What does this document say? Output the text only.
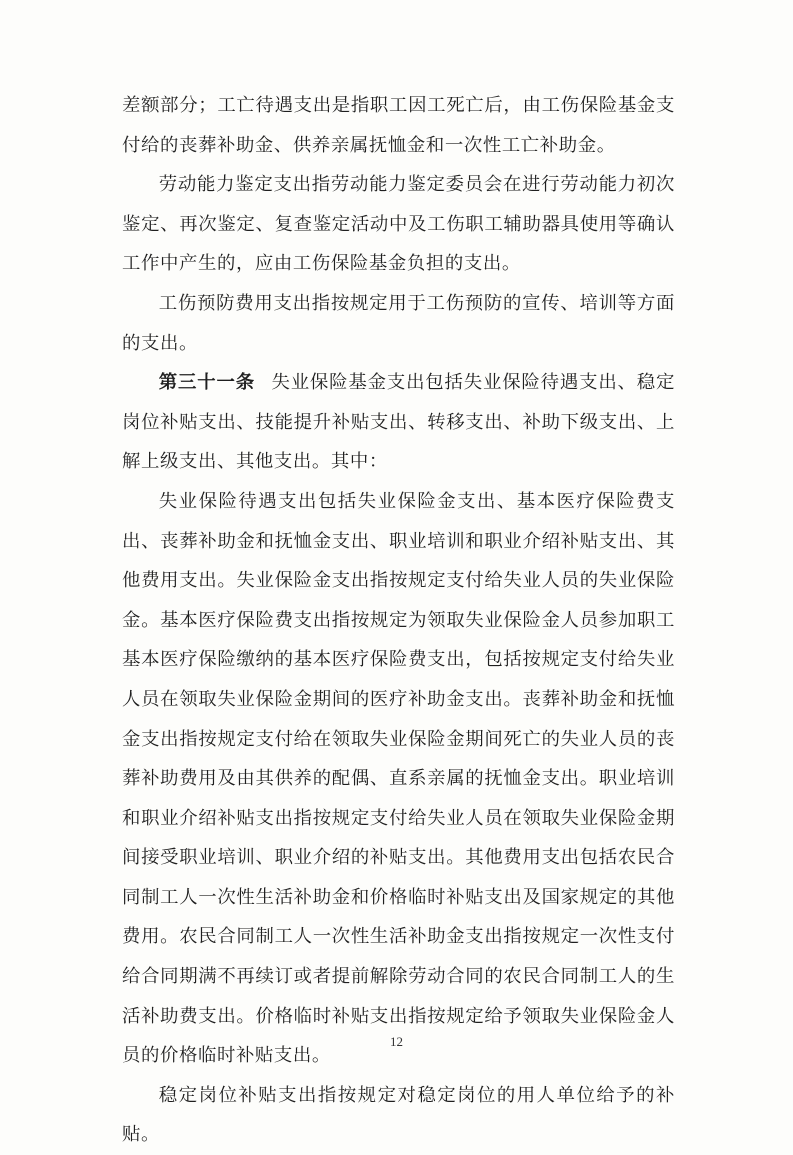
差额部分；工亡待遇支出是指职工因工死亡后，由工伤保险基金支付给的丧葬补助金、供养亲属抚恤金和一次性工亡补助金。

劳动能力鉴定支出指劳动能力鉴定委员会在进行劳动能力初次鉴定、再次鉴定、复查鉴定活动中及工伤职工辅助器具使用等确认工作中产生的，应由工伤保险基金负担的支出。

工伤预防费用支出指按规定用于工伤预防的宣传、培训等方面的支出。

第三十一条 失业保险基金支出包括失业保险待遇支出、稳定岗位补贴支出、技能提升补贴支出、转移支出、补助下级支出、上解上级支出、其他支出。其中：

失业保险待遇支出包括失业保险金支出、基本医疗保险费支出、丧葬补助金和抚恤金支出、职业培训和职业介绍补贴支出、其他费用支出。失业保险金支出指按规定支付给失业人员的失业保险金。基本医疗保险费支出指按规定为领取失业保险金人员参加职工基本医疗保险缴纳的基本医疗保险费支出，包括按规定支付给失业人员在领取失业保险金期间的医疗补助金支出。丧葬补助金和抚恤金支出指按规定支付给在领取失业保险金期间死亡的失业人员的丧葬补助费用及由其供养的配偶、直系亲属的抚恤金支出。职业培训和职业介绍补贴支出指按规定支付给失业人员在领取失业保险金期间接受职业培训、职业介绍的补贴支出。其他费用支出包括农民合同制工人一次性生活补助金和价格临时补贴支出及国家规定的其他费用。农民合同制工人一次性生活补助金支出指按规定一次性支付给合同期满不再续订或者提前解除劳动合同的农民合同制工人的生活补助费支出。价格临时补贴支出指按规定给予领取失业保险金人员的价格临时补贴支出。

稳定岗位补贴支出指按规定对稳定岗位的用人单位给予的补贴。

12
